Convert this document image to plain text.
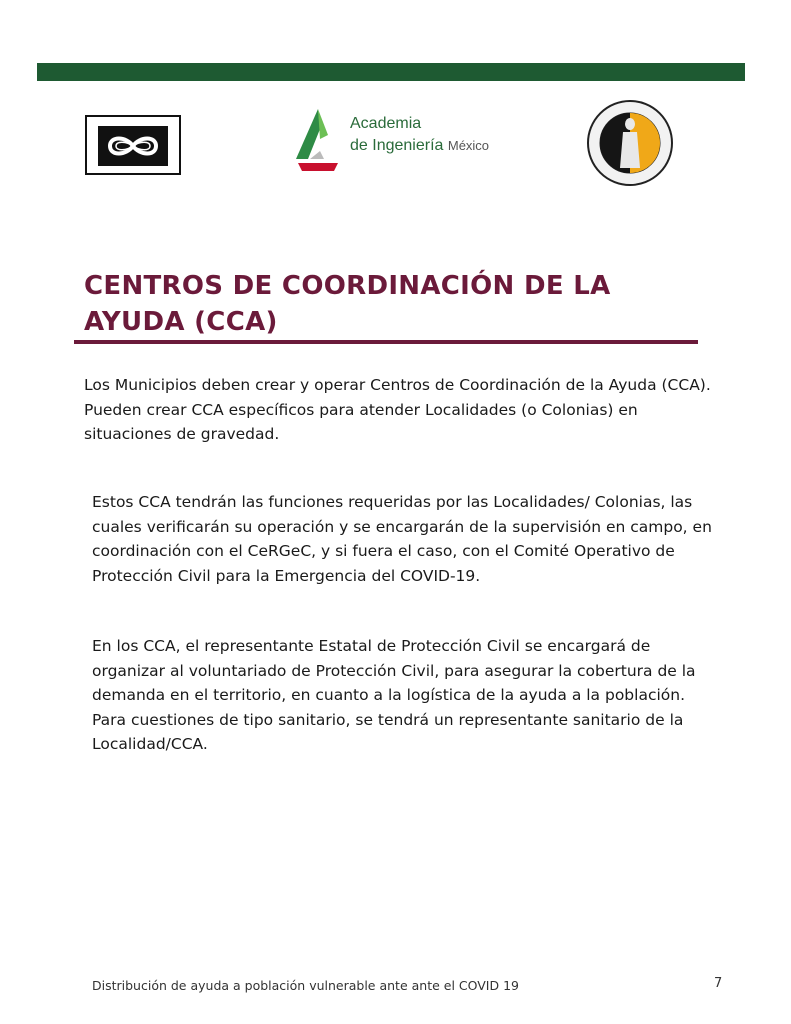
Academia
de Ingeniería México
CENTROS DE COORDINACIÓN DE LA AYUDA (CCA)

Los Municipios deben crear y operar Centros de Coordinación de la Ayuda (CCA). Pueden crear CCA específicos para atender Localidades (o Colonias) en situaciones de gravedad.

Estos CCA tendrán las funciones requeridas por las Localidades/ Colonias, las cuales verificarán su operación y se encargarán de la supervisión en campo, en coordinación con el CeRGeC, y si fuera el caso, con el Comité Operativo de Protección Civil para la Emergencia del COVID-19.

En los CCA, el representante Estatal de Protección Civil se encargará de organizar al voluntariado de Protección Civil, para asegurar la cobertura de la demanda en el territorio, en cuanto a la logística de la ayuda a la población. Para cuestiones de tipo sanitario, se tendrá un representante sanitario de la Localidad/CCA.

Distribución de ayuda a población vulnerable ante ante el COVID 19	7
